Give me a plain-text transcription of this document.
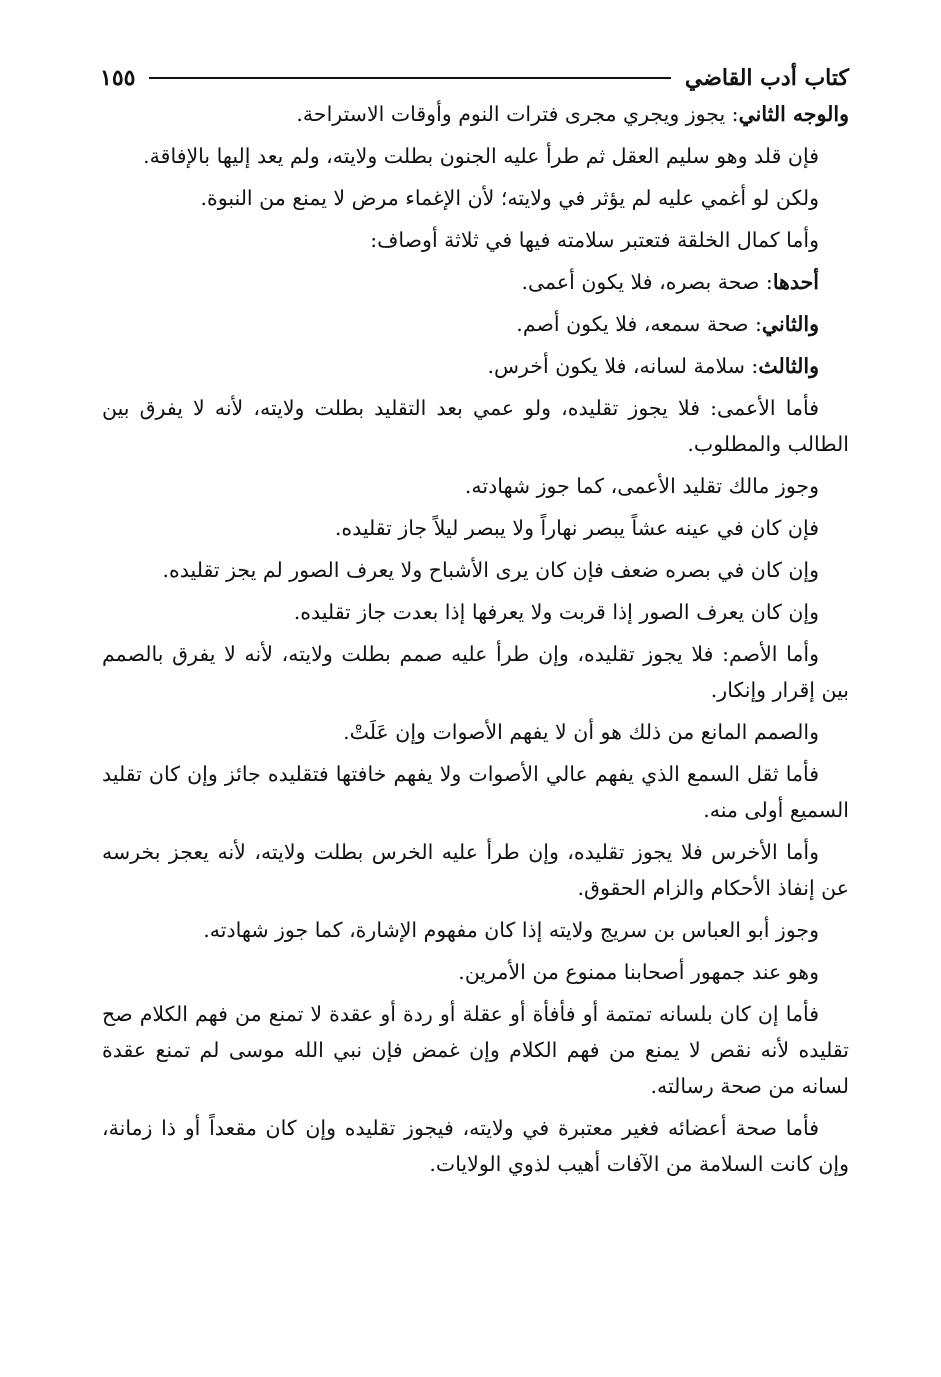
كتاب أدب القاضي
١٥٥

والوجه الثاني: يجوز ويجري مجرى فترات النوم وأوقات الاستراحة.

فإن قلد وهو سليم العقل ثم طرأ عليه الجنون بطلت ولايته، ولم يعد إليها بالإفاقة.

ولكن لو أغمي عليه لم يؤثر في ولايته؛ لأن الإغماء مرض لا يمنع من النبوة.

وأما كمال الخلقة فتعتبر سلامته فيها في ثلاثة أوصاف:

أحدها: صحة بصره، فلا يكون أعمى.

والثاني: صحة سمعه، فلا يكون أصم.

والثالث: سلامة لسانه، فلا يكون أخرس.

فأما الأعمى: فلا يجوز تقليده، ولو عمي بعد التقليد بطلت ولايته، لأنه لا يفرق بين الطالب والمطلوب.

وجوز مالك تقليد الأعمى، كما جوز شهادته.

فإن كان في عينه عشاً يبصر نهاراً ولا يبصر ليلاً جاز تقليده.

وإن كان في بصره ضعف فإن كان يرى الأشباح ولا يعرف الصور لم يجز تقليده.

وإن كان يعرف الصور إذا قربت ولا يعرفها إذا بعدت جاز تقليده.

وأما الأصم: فلا يجوز تقليده، وإن طرأ عليه صمم بطلت ولايته، لأنه لا يفرق بالصمم بين إقرار وإنكار.

والصمم المانع من ذلك هو أن لا يفهم الأصوات وإن عَلَتْ.

فأما ثقل السمع الذي يفهم عالي الأصوات ولا يفهم خافتها فتقليده جائز وإن كان تقليد السميع أولى منه.

وأما الأخرس فلا يجوز تقليده، وإن طرأ عليه الخرس بطلت ولايته، لأنه يعجز بخرسه عن إنفاذ الأحكام والزام الحقوق.

وجوز أبو العباس بن سريج ولايته إذا كان مفهوم الإشارة، كما جوز شهادته.

وهو عند جمهور أصحابنا ممنوع من الأمرين.

فأما إن كان بلسانه تمتمة أو فأفأة أو عقلة أو ردة أو عقدة لا تمنع من فهم الكلام صح تقليده لأنه نقص لا يمنع من فهم الكلام وإن غمض فإن نبي الله موسى لم تمنع عقدة لسانه من صحة رسالته.

فأما صحة أعضائه فغير معتبرة في ولايته، فيجوز تقليده وإن كان مقعداً أو ذا زمانة، وإن كانت السلامة من الآفات أهيب لذوي الولايات.
